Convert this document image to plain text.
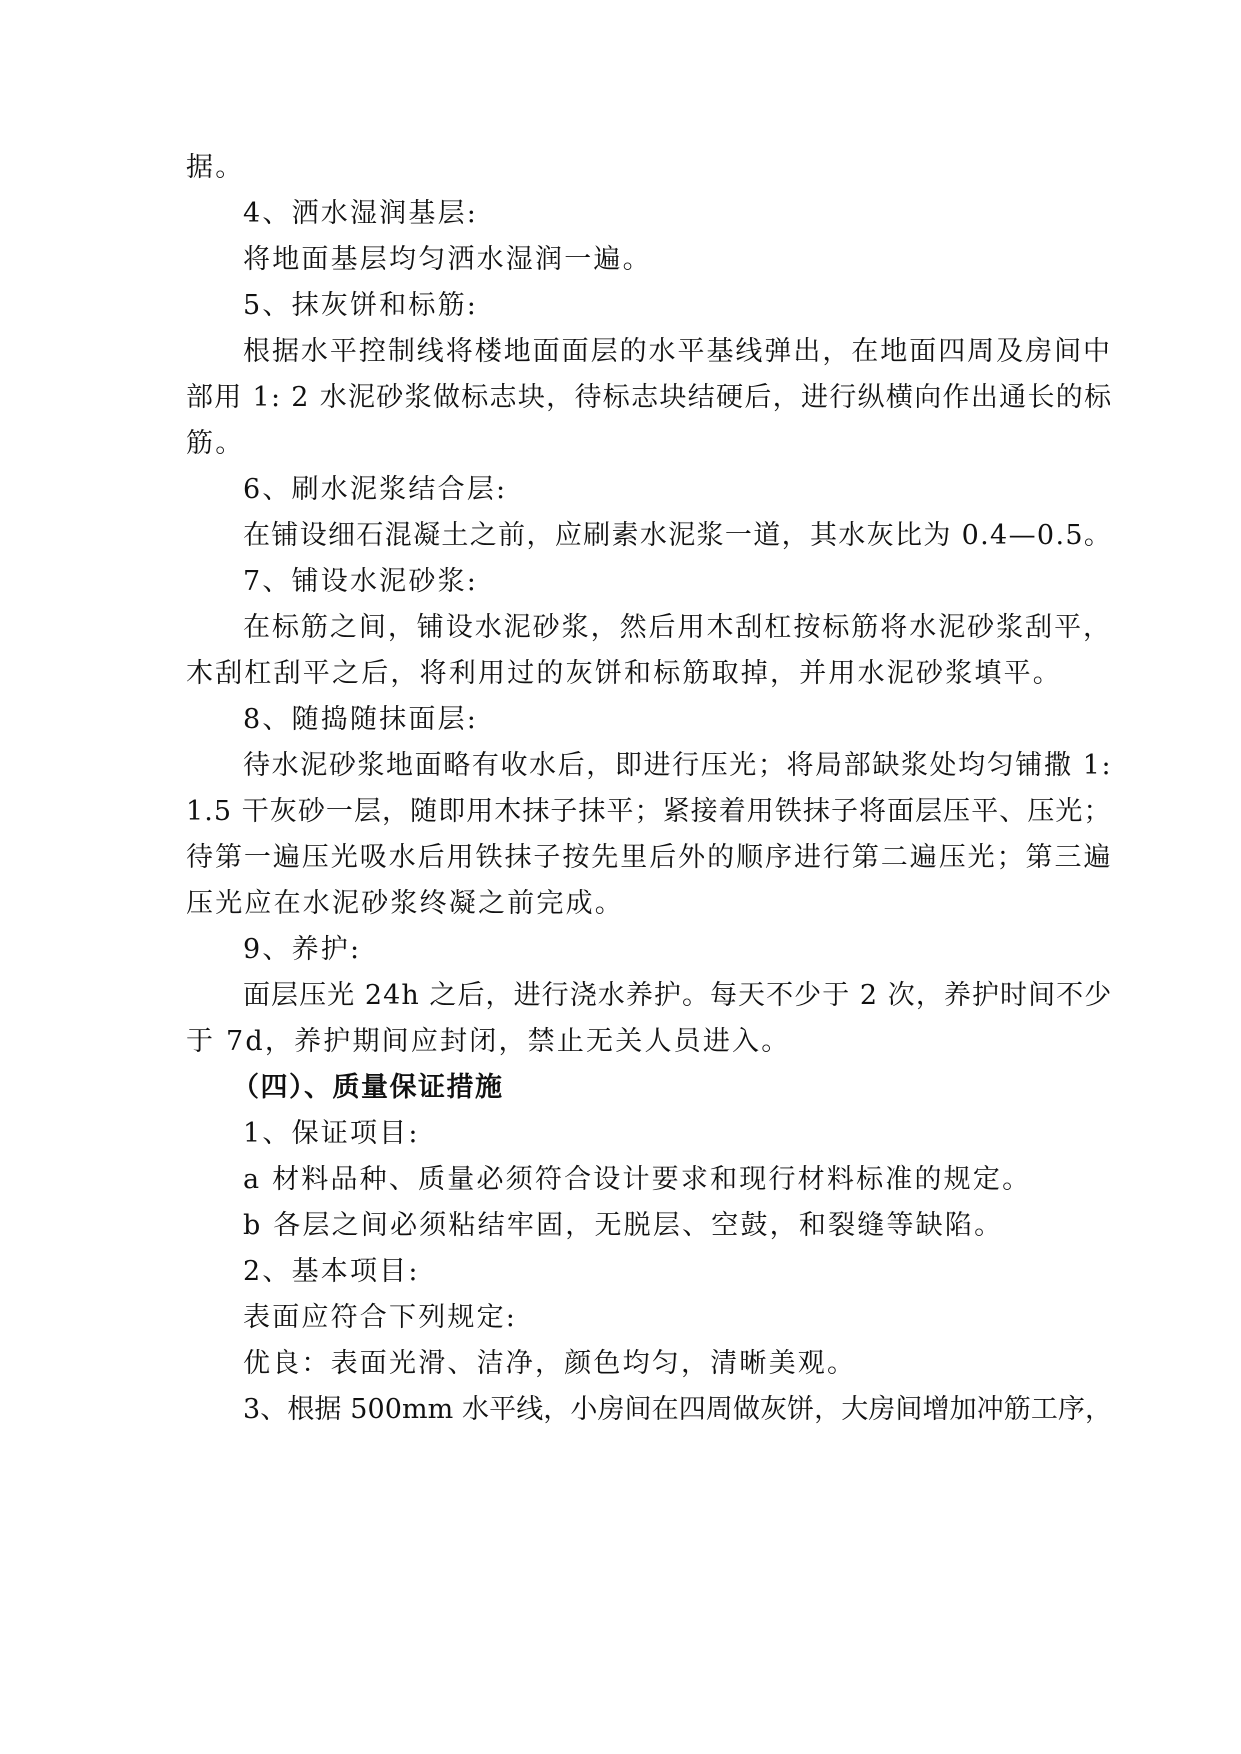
据。
4、洒水湿润基层:
将地面基层均匀洒水湿润一遍。
5、抹灰饼和标筋:
根据水平控制线将楼地面面层的水平基线弹出，在地面四周及房间中
部用 1: 2 水泥砂浆做标志块，待标志块结硬后，进行纵横向作出通长的标
筋。
6、刷水泥浆结合层:
在铺设细石混凝土之前，应刷素水泥浆一道，其水灰比为 0.4—0.5。
7、铺设水泥砂浆:
在标筋之间，铺设水泥砂浆，然后用木刮杠按标筋将水泥砂浆刮平，
木刮杠刮平之后，将利用过的灰饼和标筋取掉，并用水泥砂浆填平。
8、随捣随抹面层:
待水泥砂浆地面略有收水后，即进行压光；将局部缺浆处均匀铺撒 1:
1.5 干灰砂一层，随即用木抹子抹平；紧接着用铁抹子将面层压平、压光；
待第一遍压光吸水后用铁抹子按先里后外的顺序进行第二遍压光；第三遍
压光应在水泥砂浆终凝之前完成。
9、养护:
面层压光 24h 之后，进行浇水养护。每天不少于 2 次，养护时间不少
于 7d，养护期间应封闭，禁止无关人员进入。
（四）、质量保证措施
1、保证项目:
a 材料品种、质量必须符合设计要求和现行材料标准的规定。
b 各层之间必须粘结牢固，无脱层、空鼓，和裂缝等缺陷。
2、基本项目:
表面应符合下列规定:
优良：表面光滑、洁净，颜色均匀，清晰美观。
3、根据 500mm 水平线，小房间在四周做灰饼，大房间增加冲筋工序，
